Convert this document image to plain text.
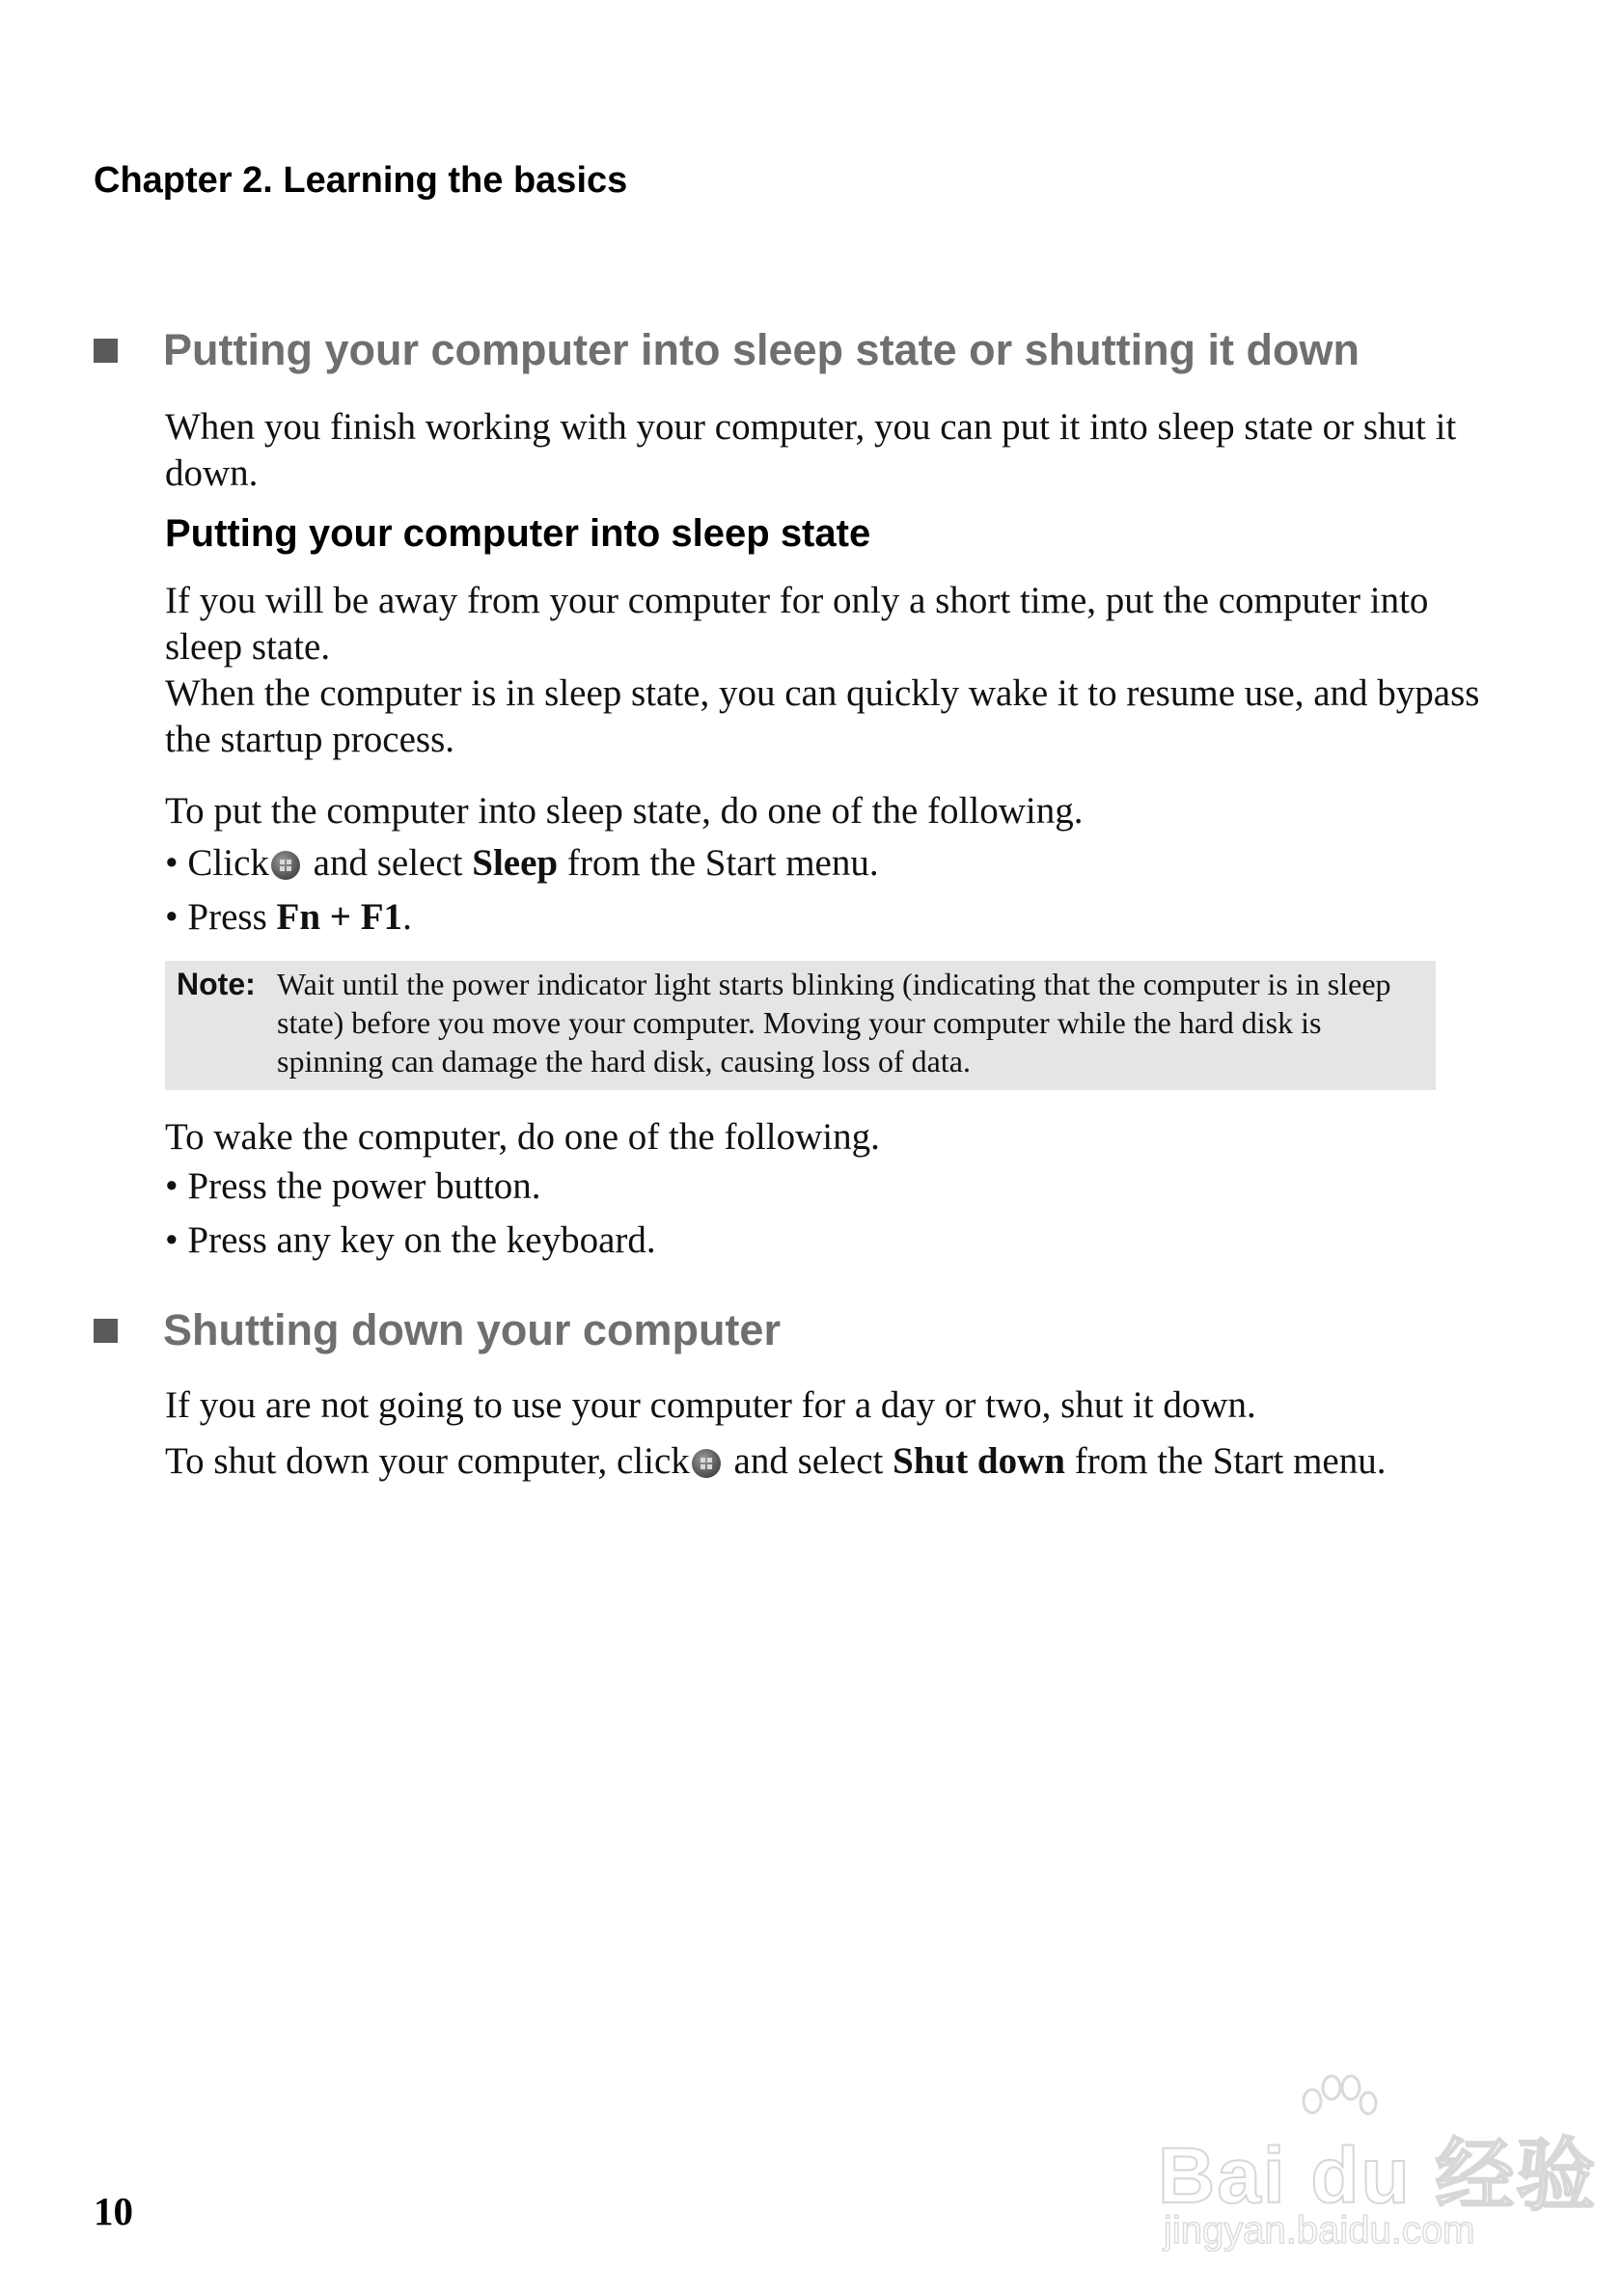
Chapter 2. Learning the basics
Putting your computer into sleep state or shutting it down
When you finish working with your computer, you can put it into sleep state or shut it down.
Putting your computer into sleep state
If you will be away from your computer for only a short time, put the computer into sleep state.
When the computer is in sleep state, you can quickly wake it to resume use, and bypass the startup process.
To put the computer into sleep state, do one of the following.
• Click and select Sleep from the Start menu.
• Press Fn + F1.
Note: Wait until the power indicator light starts blinking (indicating that the computer is in sleep state) before you move your computer. Moving your computer while the hard disk is spinning can damage the hard disk, causing loss of data.
To wake the computer, do one of the following.
• Press the power button.
• Press any key on the keyboard.
Shutting down your computer
If you are not going to use your computer for a day or two, shut it down.
To shut down your computer, click and select Shut down from the Start menu.
10	Bai du 经验
jingyan.baidu.com
